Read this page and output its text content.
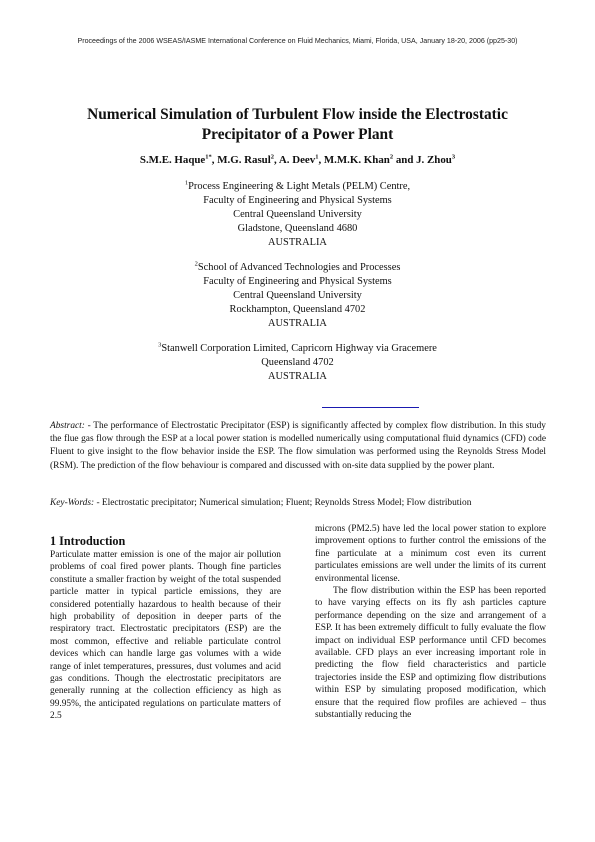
Proceedings of the 2006 WSEAS/IASME International Conference on Fluid Mechanics, Miami, Florida, USA, January 18-20, 2006 (pp25-30)
Numerical Simulation of Turbulent Flow inside the Electrostatic
Precipitator of a Power Plant
S.M.E. Haque$^{1*}$, M.G. Rasul$^2$, A. Deev$^1$, M.M.K. Khan$^2$ and J. Zhou$^3$
$^1$Process Engineering & Light Metals (PELM) Centre,
Faculty of Engineering and Physical Systems
Central Queensland University
Gladstone, Queensland 4680
AUSTRALIA
$^2$School of Advanced Technologies and Processes
Faculty of Engineering and Physical Systems
Central Queensland University
Rockhampton, Queensland 4702
AUSTRALIA
$^3$Stanwell Corporation Limited, Capricorn Highway via Gracemere
Queensland 4702
AUSTRALIA
Abstract: - The performance of Electrostatic Precipitator (ESP) is significantly affected by complex flow distribution. In this study the flue gas flow through the ESP at a local power station is modelled numerically using computational fluid dynamics (CFD) code Fluent to give insight to the flow behavior inside the ESP. The flow simulation was performed using the Reynolds Stress Model (RSM). The prediction of the flow behaviour is compared and discussed with on-site data supplied by the power plant.
Key-Words: - Electrostatic precipitator; Numerical simulation; Fluent; Reynolds Stress Model; Flow distribution
1 Introduction

Particulate matter emission is one of the major air pollution problems of coal fired power plants. Though fine particles constitute a smaller fraction by weight of the total suspended particle matter in typical particle emissions, they are considered potentially hazardous to health because of their high probability of deposition in deeper parts of the respiratory tract. Electrostatic precipitators (ESP) are the most common, effective and reliable particulate control devices which can handle large gas volumes with a wide range of inlet temperatures, pressures, dust volumes and acid gas conditions. Though the electrostatic precipitators are generally running at the collection efficiency as high as 99.95%, the anticipated regulations on particulate matters of 2.5

microns (PM2.5) have led the local power station to explore improvement options to further control the emissions of the fine particulate at a minimum cost even its current particulates emissions are well under the limits of its current environmental license.

The flow distribution within the ESP has been reported to have varying effects on its fly ash particles capture performance depending on the size and arrangement of a ESP. It has been extremely difficult to fully evaluate the flow impact on individual ESP performance until CFD becomes available. CFD plays an ever increasing important role in predicting the flow field characteristics and particle trajectories inside the ESP and optimizing flow distributions within ESP by simulating proposed modification, which ensure that the required flow profiles are achieved – thus substantially reducing the
